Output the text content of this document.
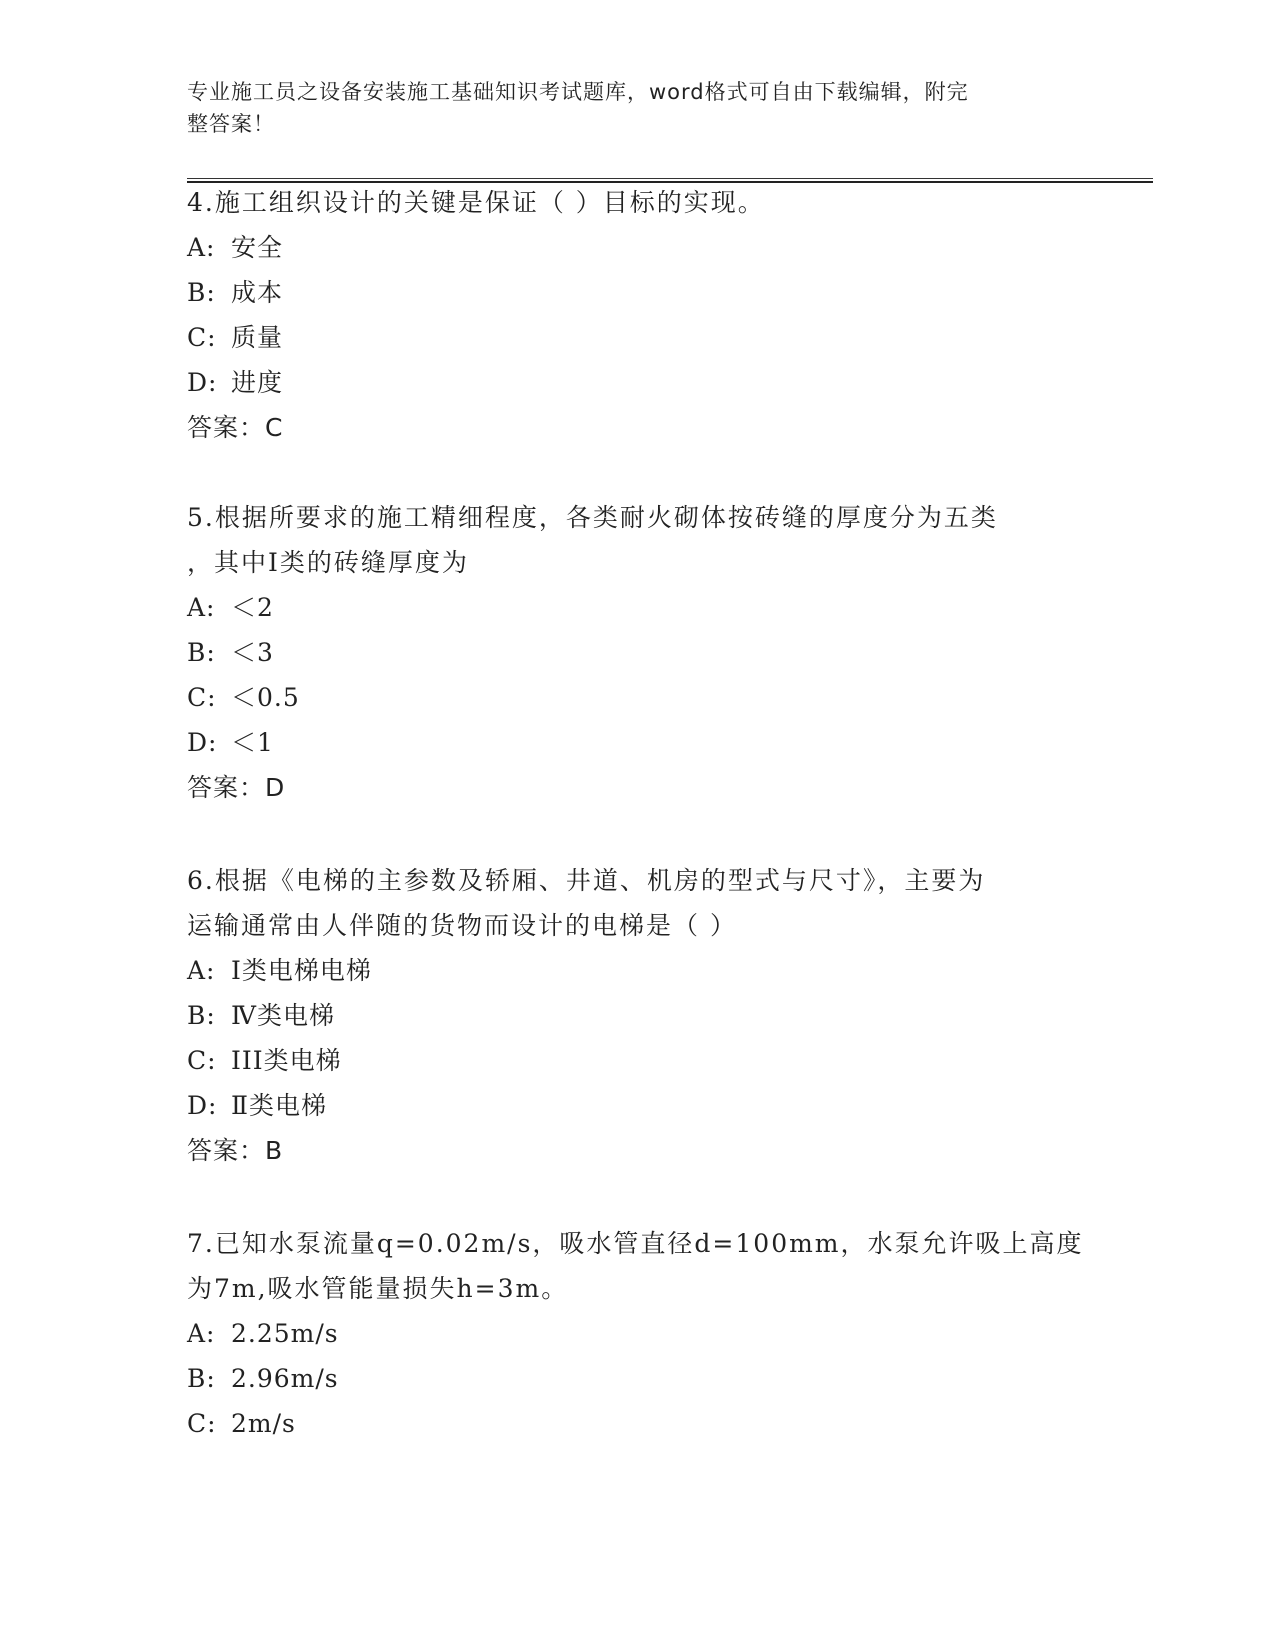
专业施工员之设备安装施工基础知识考试题库，word格式可自由下载编辑，附完
整答案！
4.施工组织设计的关键是保证（ ）目标的实现。
A: 安全
B: 成本
C: 质量
D: 进度
答案：C
5.根据所要求的施工精细程度，各类耐火砌体按砖缝的厚度分为五类
，其中Ⅰ类的砖缝厚度为
A: ＜2
B: ＜3
C: ＜0.5
D: ＜1
答案：D
6.根据《电梯的主参数及轿厢、井道、机房的型式与尺寸》，主要为
运输通常由人伴随的货物而设计的电梯是（ ）
A: Ⅰ类电梯电梯
B: Ⅳ类电梯
C: III类电梯
D: Ⅱ类电梯
答案：B
7.已知水泵流量q=0.02m/s，吸水管直径d=100mm，水泵允许吸上高度
为7m,吸水管能量损失h=3m。
A: 2.25m/s
B: 2.96m/s
C: 2m/s
